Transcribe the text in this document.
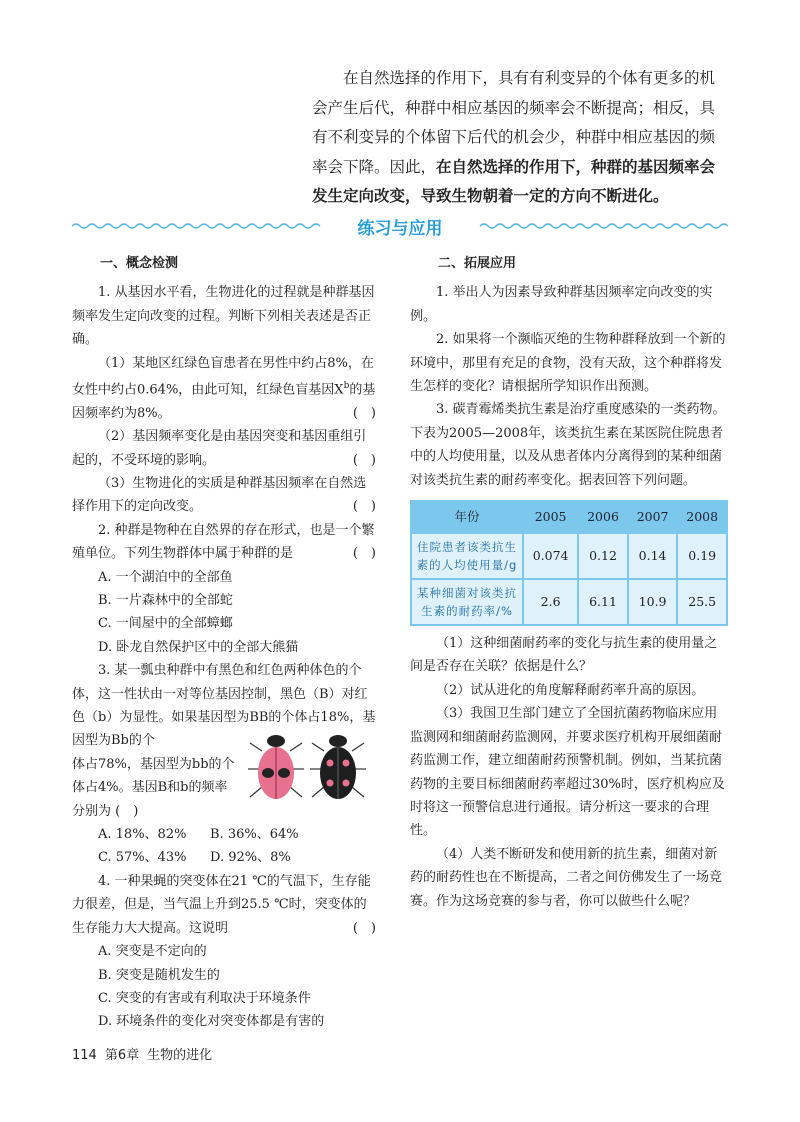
在自然选择的作用下，具有有利变异的个体有更多的机会产生后代，种群中相应基因的频率会不断提高；相反，具有不利变异的个体留下后代的机会少，种群中相应基因的频率会下降。因此，在自然选择的作用下，种群的基因频率会发生定向改变，导致生物朝着一定的方向不断进化。
练习与应用
一、概念检测

1. 从基因水平看，生物进化的过程就是种群基因频率发生定向改变的过程。判断下列相关表述是否正确。

（1）某地区红绿色盲患者在男性中约占8%，在女性中约占0.64%，由此可知，红绿色盲基因$X^b$的基因频率约为8%。	(　)

（2）基因频率变化是由基因突变和基因重组引起的，不受环境的影响。	(　)

（3）生物进化的实质是种群基因频率在自然选择作用下的定向改变。	(　)

2. 种群是物种在自然界的存在形式，也是一个繁殖单位。下列生物群体中属于种群的是	(　)

A. 一个湖泊中的全部鱼

B. 一片森林中的全部蛇

C. 一间屋中的全部蟑螂

D. 卧龙自然保护区中的全部大熊猫

3. 某一瓢虫种群中有黑色和红色两种体色的个体，这一性状由一对等位基因控制，黑色（B）对红色（b）为显性。如果基因型为BB的个体占18%，基因型为Bb的个

体占78%，基因型为bb的个体占4%。基因B和b的频率分别为 (　)

A. 18%、82%	B. 36%、64%
C. 57%、43%	D. 92%、8%

4. 一种果蝇的突变体在21 ℃的气温下，生存能力很差，但是，当气温上升到25.5 ℃时，突变体的生存能力大大提高。这说明	(　)

A. 突变是不定向的

B. 突变是随机发生的

C. 突变的有害或有利取决于环境条件

D. 环境条件的变化对突变体都是有害的

二、拓展应用

1. 举出人为因素导致种群基因频率定向改变的实例。

2. 如果将一个濒临灭绝的生物种群释放到一个新的环境中，那里有充足的食物，没有天敌，这个种群将发生怎样的变化？请根据所学知识作出预测。

3. 碳青霉烯类抗生素是治疗重度感染的一类药物。下表为2005—2008年，该类抗生素在某医院住院患者中的人均使用量，以及从患者体内分离得到的某种细菌对该类抗生素的耐药率变化。据表回答下列问题。

年份	2005	2006	2007	2008
住院患者该类抗生素的人均使用量/g	0.074	0.12	0.14	0.19
某种细菌对该类抗生素的耐药率/%	2.6	6.11	10.9	25.5

（1）这种细菌耐药率的变化与抗生素的使用量之间是否存在关联？依据是什么？

（2）试从进化的角度解释耐药率升高的原因。

（3）我国卫生部门建立了全国抗菌药物临床应用监测网和细菌耐药监测网，并要求医疗机构开展细菌耐药监测工作，建立细菌耐药预警机制。例如，当某抗菌药物的主要目标细菌耐药率超过30%时，医疗机构应及时将这一预警信息进行通报。请分析这一要求的合理性。

（4）人类不断研发和使用新的抗生素，细菌对新药的耐药性也在不断提高，二者之间仿佛发生了一场竞赛。作为这场竞赛的参与者，你可以做些什么呢？

114 第6章 生物的进化
